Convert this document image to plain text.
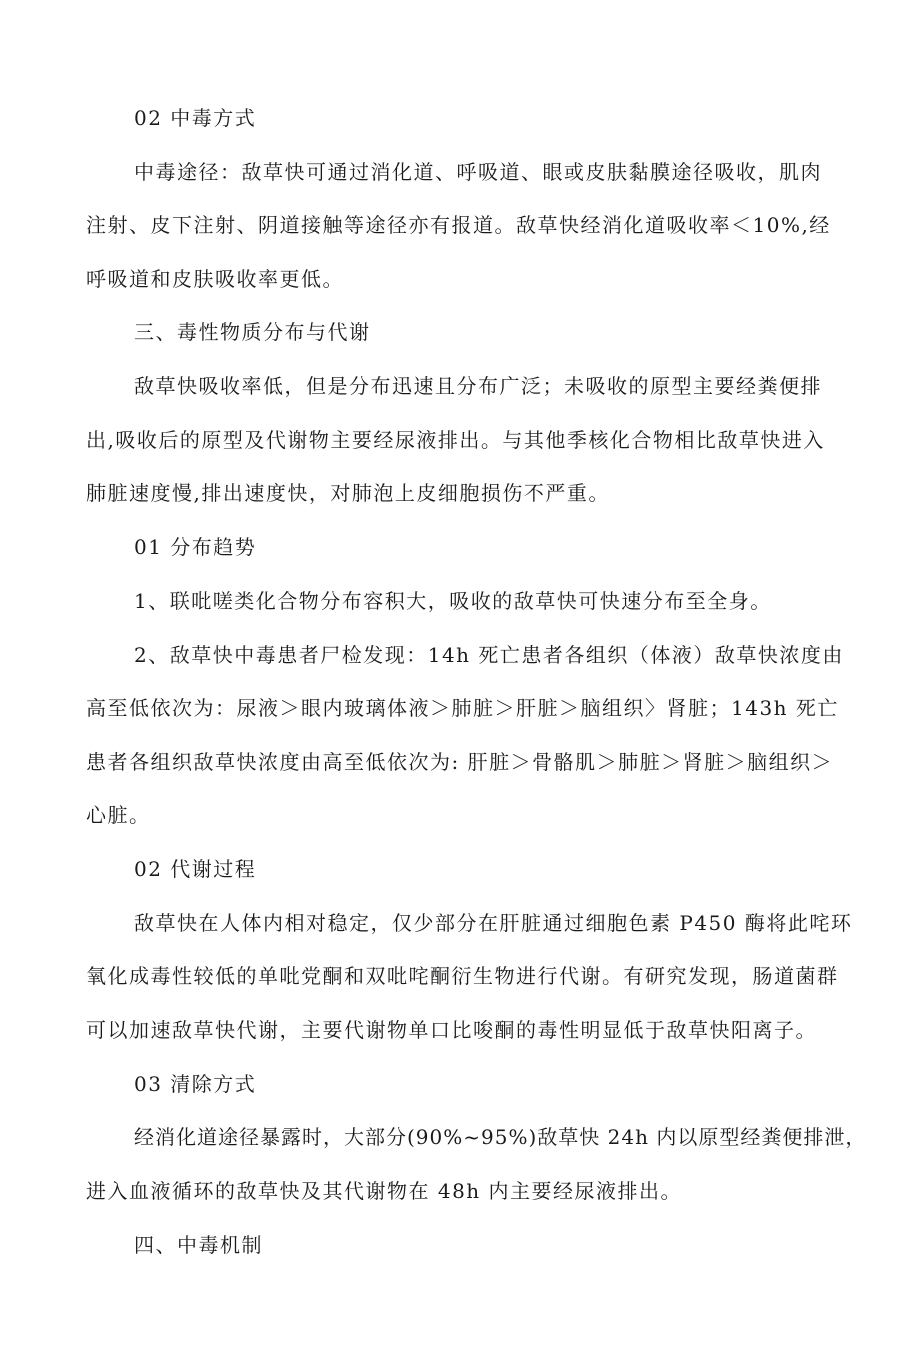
02 中毒方式
中毒途径：敌草快可通过消化道、呼吸道、眼或皮肤黏膜途径吸收，肌肉
注射、皮下注射、阴道接触等途径亦有报道。敌草快经消化道吸收率＜10%,经
呼吸道和皮肤吸收率更低。
三、毒性物质分布与代谢
敌草快吸收率低，但是分布迅速且分布广泛；未吸收的原型主要经粪便排
出,吸收后的原型及代谢物主要经尿液排出。与其他季核化合物相比敌草快进入
肺脏速度慢,排出速度快，对肺泡上皮细胞损伤不严重。
01 分布趋势
1、联吡嗟类化合物分布容积大，吸收的敌草快可快速分布至全身。
2、敌草快中毒患者尸检发现：14h 死亡患者各组织（体液）敌草快浓度由
高至低依次为：尿液＞眼内玻璃体液＞肺脏＞肝脏＞脑组织〉肾脏；143h 死亡
患者各组织敌草快浓度由高至低依次为: 肝脏＞骨骼肌＞肺脏＞肾脏＞脑组织＞
心脏。
02 代谢过程
敌草快在人体内相对稳定，仅少部分在肝脏通过细胞色素 P450 酶将此咤环
氧化成毒性较低的单吡党酮和双吡咤酮衍生物进行代谢。有研究发现，肠道菌群
可以加速敌草快代谢，主要代谢物单口比唆酮的毒性明显低于敌草快阳离子。
03 清除方式
经消化道途径暴露时，大部分(90%~95%)敌草快 24h 内以原型经粪便排泄，
进入血液循环的敌草快及其代谢物在 48h 内主要经尿液排出。
四、中毒机制
